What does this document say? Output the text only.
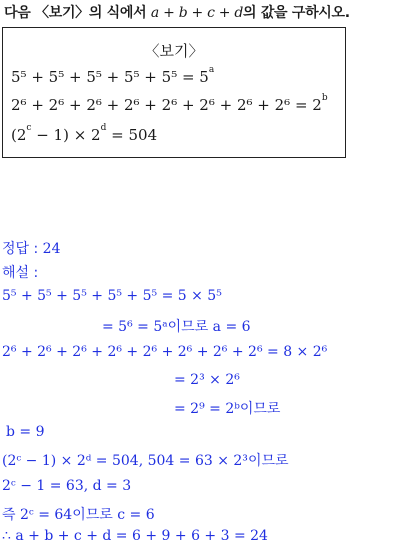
다음 〈보기〉의 식에서 a + b + c + d의 값을 구하시오.
〈보기〉
$5^5 + 5^5 + 5^5 + 5^5 + 5^5 = 5^a$
$2^6 + 2^6 + 2^6 + 2^6 + 2^6 + 2^6 + 2^6 + 2^6 = 2^b$
$(2^c - 1) \times 2^d = 504$
정답 : 24
해설 :
5⁵ + 5⁵ + 5⁵ + 5⁵ + 5⁵ = 5 × 5⁵
= 5⁶ = 5ᵃ이므로 a = 6
2⁶ + 2⁶ + 2⁶ + 2⁶ + 2⁶ + 2⁶ + 2⁶ + 2⁶ = 8 × 2⁶
= 2³ × 2⁶
= 2⁹ = 2ᵇ이므로
b = 9
(2ᶜ − 1) × 2ᵈ = 504, 504 = 63 × 2³이므로
2ᶜ − 1 = 63, d = 3
즉 2ᶜ = 64이므로 c = 6
∴ a + b + c + d = 6 + 9 + 6 + 3 = 24
